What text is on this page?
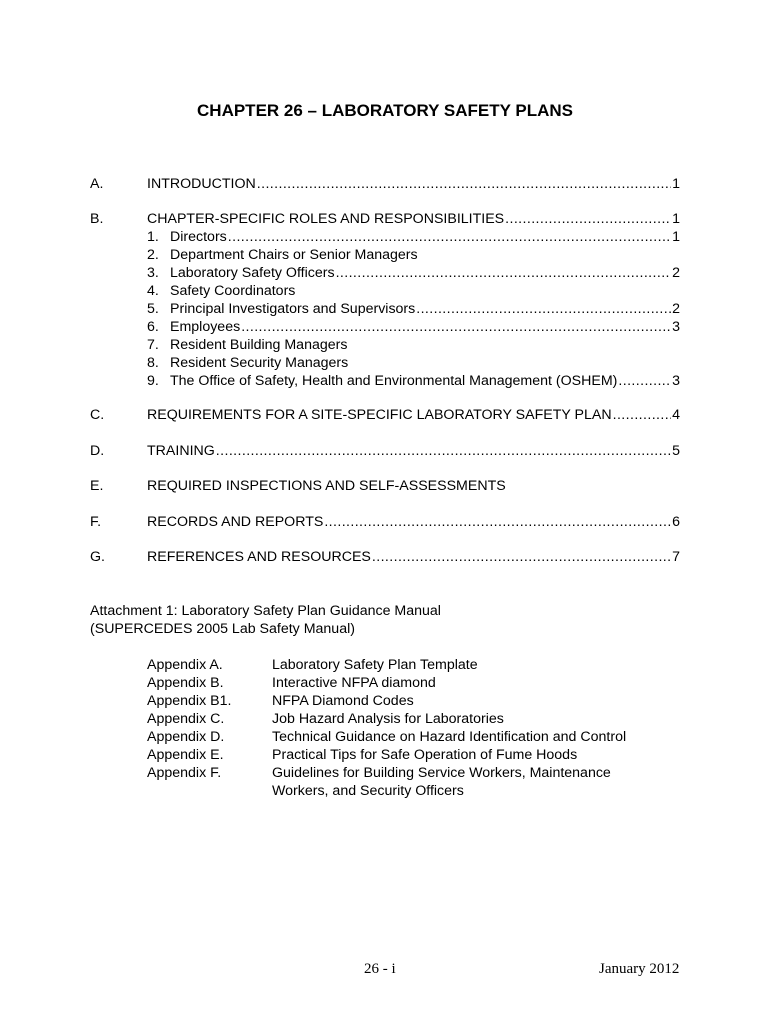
CHAPTER 26 – LABORATORY SAFETY PLANS
A.	INTRODUCTION .....	1
B.	CHAPTER-SPECIFIC ROLES AND RESPONSIBILITIES .....	1
1. Directors .....	1
2. Department Chairs or Senior Managers
3. Laboratory Safety Officers .....	2
4. Safety Coordinators
5. Principal Investigators and Supervisors .....	2
6. Employees .....	3
7. Resident Building Managers
8. Resident Security Managers
9. The Office of Safety, Health and Environmental Management (OSHEM) .....	3
C.	REQUIREMENTS FOR A SITE-SPECIFIC LABORATORY SAFETY PLAN .....	4
D.	TRAINING .....	5
E.	REQUIRED INSPECTIONS AND SELF-ASSESSMENTS
F.	RECORDS AND REPORTS .....	6
G.	REFERENCES AND RESOURCES .....	7
Attachment 1: Laboratory Safety Plan Guidance Manual
(SUPERCEDES 2005 Lab Safety Manual)
Appendix A.	Laboratory Safety Plan Template
Appendix B.	Interactive NFPA diamond
Appendix B1.	NFPA Diamond Codes
Appendix C.	Job Hazard Analysis for Laboratories
Appendix D.	Technical Guidance on Hazard Identification and Control
Appendix E.	Practical Tips for Safe Operation of Fume Hoods
Appendix F.	Guidelines for Building Service Workers, Maintenance
Workers, and Security Officers
26 - i	January 2012
